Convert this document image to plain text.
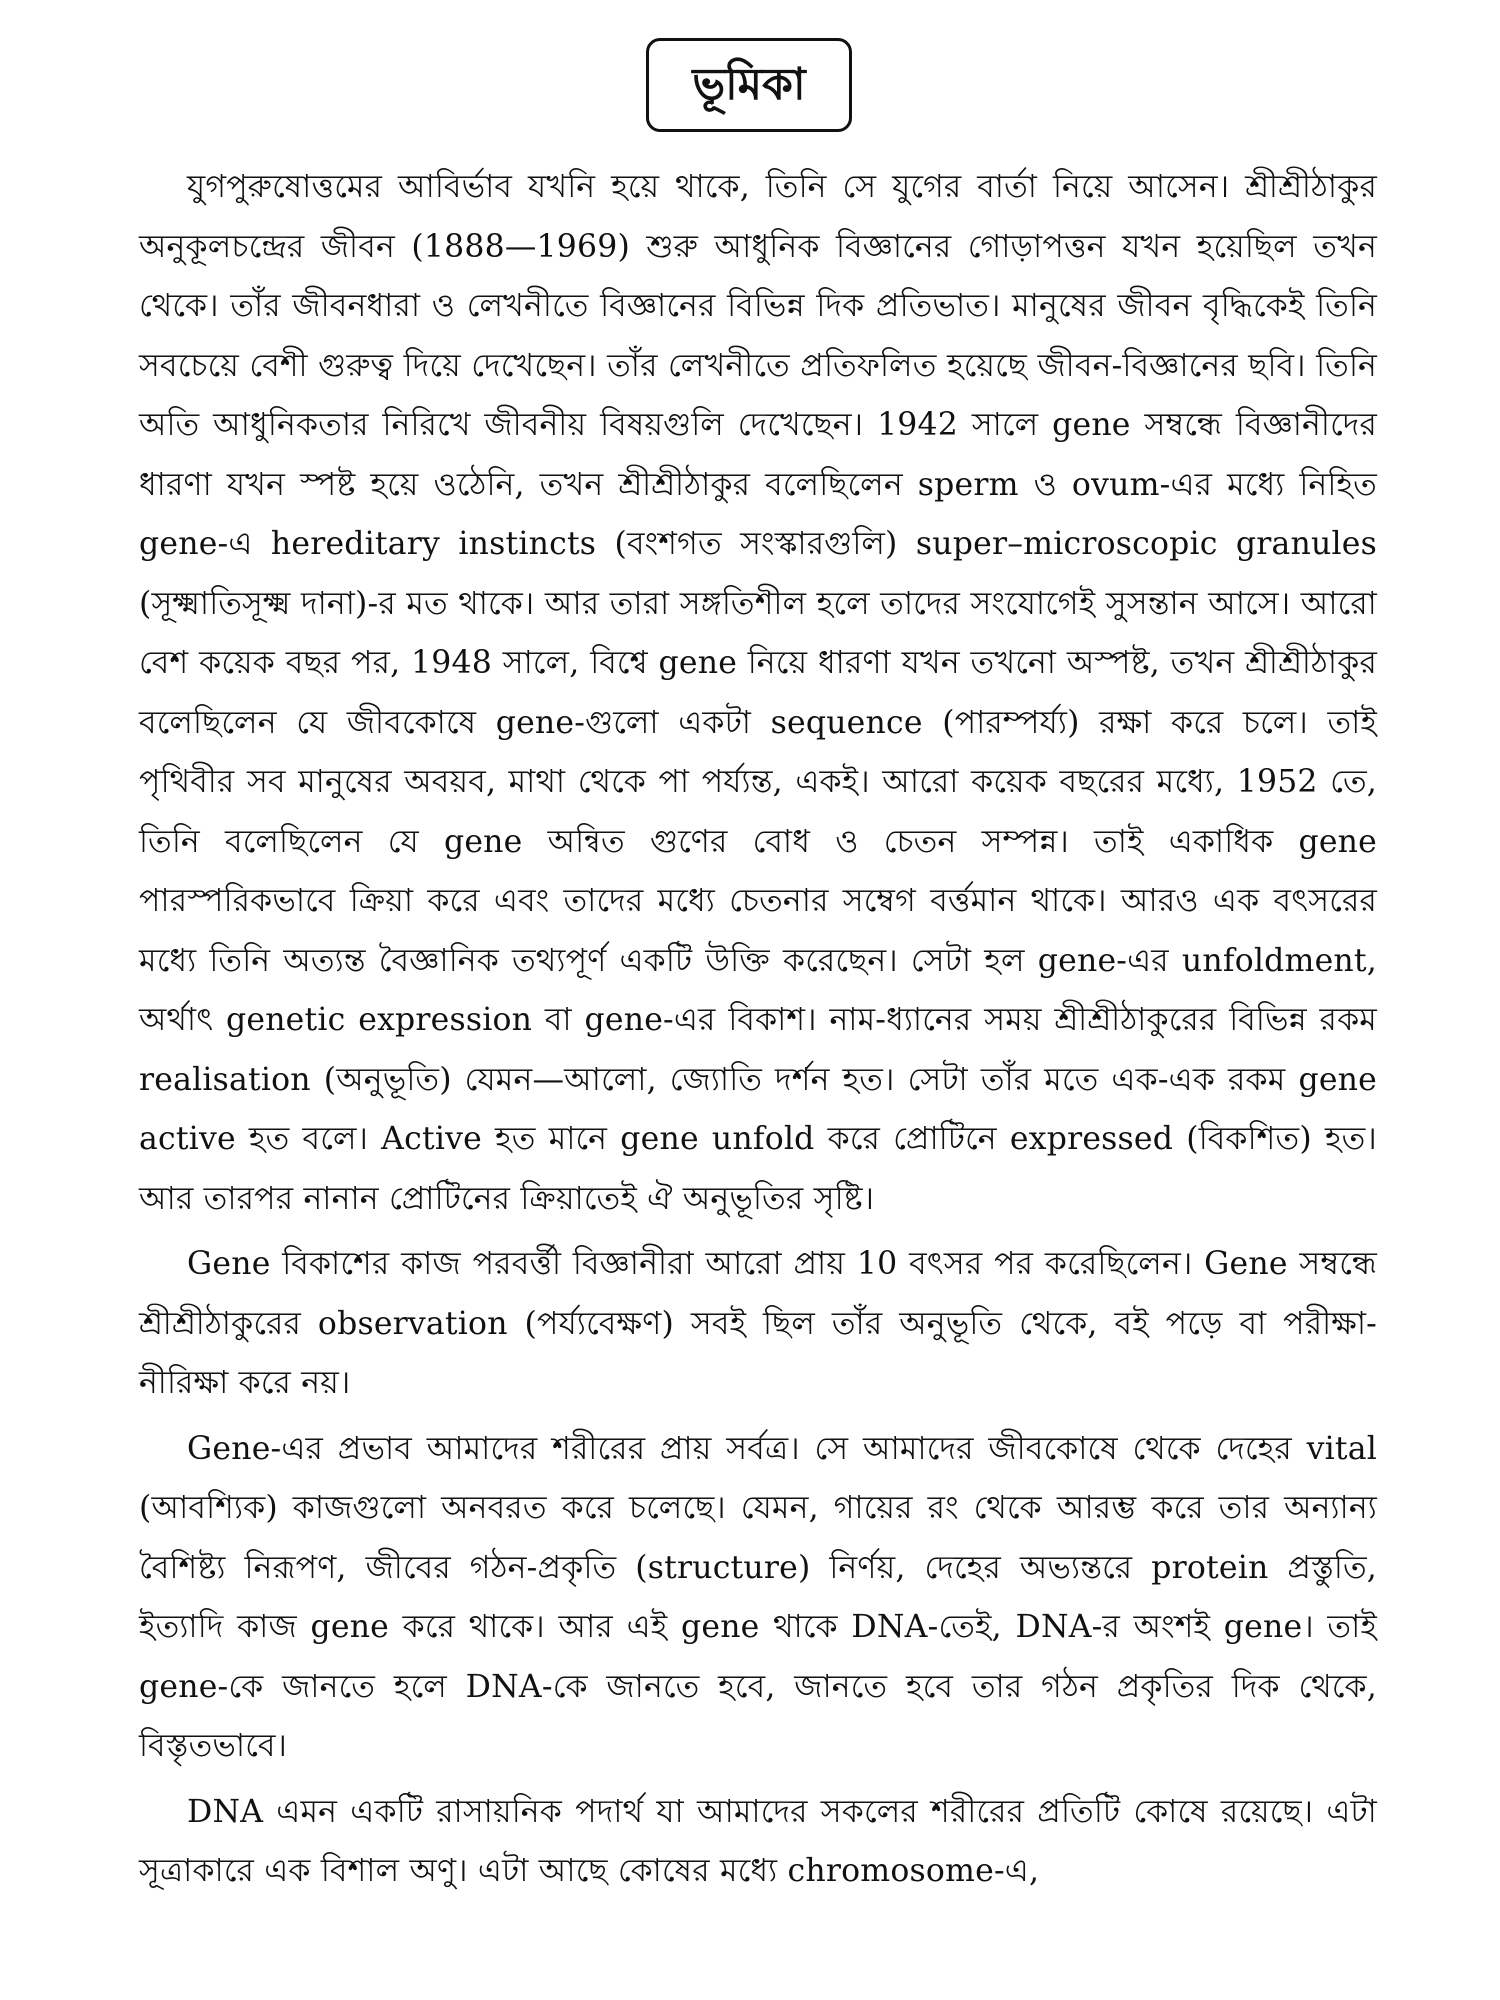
ভূমিকা

যুগপুরুষোত্তমের আবির্ভাব যখনি হয়ে থাকে, তিনি সে যুগের বার্তা নিয়ে আসেন। শ্রীশ্রীঠাকুর অনুকূলচন্দ্রের জীবন (1888—1969) শুরু আধুনিক বিজ্ঞানের গোড়াপত্তন যখন হয়েছিল তখন থেকে। তাঁর জীবনধারা ও লেখনীতে বিজ্ঞানের বিভিন্ন দিক প্রতিভাত। মানুষের জীবন বৃদ্ধিকেই তিনি সবচেয়ে বেশী গুরুত্ব দিয়ে দেখেছেন। তাঁর লেখনীতে প্রতিফলিত হয়েছে জীবন-বিজ্ঞানের ছবি। তিনি অতি আধুনিকতার নিরিখে জীবনীয় বিষয়গুলি দেখেছেন। 1942 সালে gene সম্বন্ধে বিজ্ঞানীদের ধারণা যখন স্পষ্ট হয়ে ওঠেনি, তখন শ্রীশ্রীঠাকুর বলেছিলেন sperm ও ovum-এর মধ্যে নিহিত gene-এ hereditary instincts (বংশগত সংস্কারগুলি) super–microscopic granules (সূক্ষ্মাতিসূক্ষ্ম দানা)-র মত থাকে। আর তারা সঙ্গতিশীল হলে তাদের সংযোগেই সুসন্তান আসে। আরো বেশ কয়েক বছর পর, 1948 সালে, বিশ্বে gene নিয়ে ধারণা যখন তখনো অস্পষ্ট, তখন শ্রীশ্রীঠাকুর বলেছিলেন যে জীবকোষে gene-গুলো একটা sequence (পারম্পর্য্য) রক্ষা করে চলে। তাই পৃথিবীর সব মানুষের অবয়ব, মাথা থেকে পা পর্য্যন্ত, একই। আরো কয়েক বছরের মধ্যে, 1952 তে, তিনি বলেছিলেন যে gene অন্বিত গুণের বোধ ও চেতন সম্পন্ন। তাই একাধিক gene পারস্পরিকভাবে ক্রিয়া করে এবং তাদের মধ্যে চেতনার সম্বেগ বর্ত্তমান থাকে। আরও এক বৎসরের মধ্যে তিনি অত্যন্ত বৈজ্ঞানিক তথ্যপূর্ণ একটি উক্তি করেছেন। সেটা হল gene-এর unfoldment, অর্থাৎ genetic expression বা gene-এর বিকাশ। নাম-ধ্যানের সময় শ্রীশ্রীঠাকুরের বিভিন্ন রকম realisation (অনুভূতি) যেমন—আলো, জ্যোতি দর্শন হত। সেটা তাঁর মতে এক-এক রকম gene active হত বলে। Active হত মানে gene unfold করে প্রোটিনে expressed (বিকশিত) হত। আর তারপর নানান প্রোটিনের ক্রিয়াতেই ঐ অনুভূতির সৃষ্টি।

Gene বিকাশের কাজ পরবর্ত্তী বিজ্ঞানীরা আরো প্রায় 10 বৎসর পর করেছিলেন। Gene সম্বন্ধে শ্রীশ্রীঠাকুরের observation (পর্য্যবেক্ষণ) সবই ছিল তাঁর অনুভূতি থেকে, বই পড়ে বা পরীক্ষা-নীরিক্ষা করে নয়।

Gene-এর প্রভাব আমাদের শরীরের প্রায় সর্বত্র। সে আমাদের জীবকোষে থেকে দেহের vital (আবশ্যিক) কাজগুলো অনবরত করে চলেছে। যেমন, গায়ের রং থেকে আরম্ভ করে তার অন্যান্য বৈশিষ্ট্য নিরূপণ, জীবের গঠন-প্রকৃতি (structure) নির্ণয়, দেহের অভ্যন্তরে protein প্রস্তুতি, ইত্যাদি কাজ gene করে থাকে। আর এই gene থাকে DNA-তেই, DNA-র অংশই gene। তাই gene-কে জানতে হলে DNA-কে জানতে হবে, জানতে হবে তার গঠন প্রকৃতির দিক থেকে, বিস্তৃতভাবে।

DNA এমন একটি রাসায়নিক পদার্থ যা আমাদের সকলের শরীরের প্রতিটি কোষে রয়েছে। এটা সূত্রাকারে এক বিশাল অণু। এটা আছে কোষের মধ্যে chromosome-এ,
